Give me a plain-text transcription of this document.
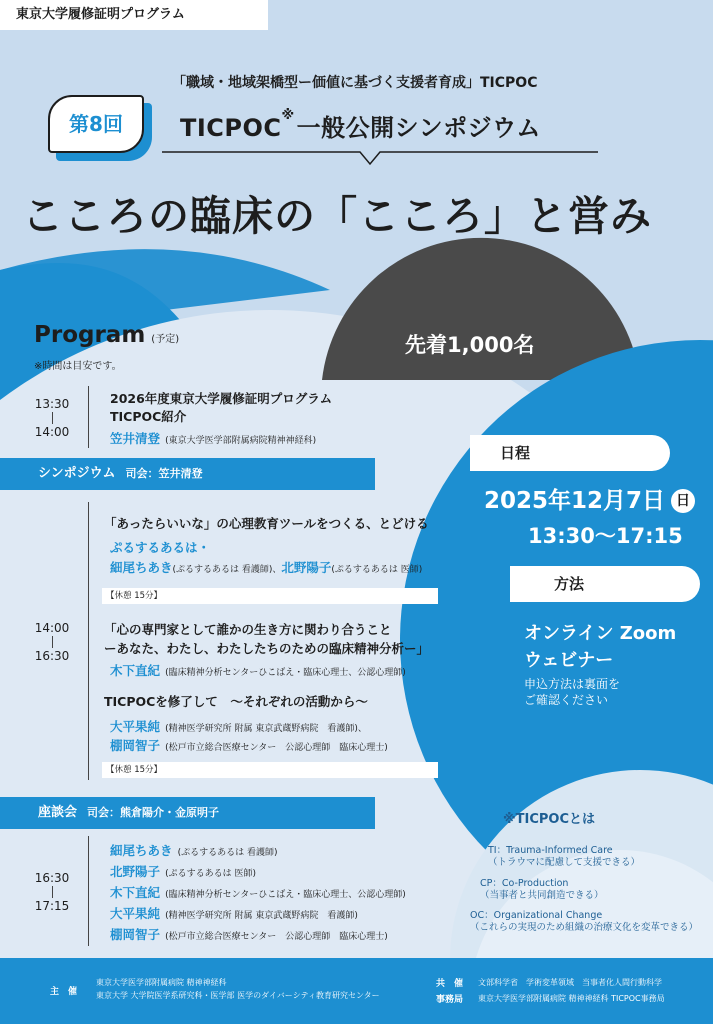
東京大学履修証明プログラム
「職域・地域架橋型ー価値に基づく支援者育成」TICPOC
第8回	TICPOC※一般公開シンポジウム
こころの臨床の「こころ」と営み
先着1,000名
Program (予定)
※時間は目安です。
13:30
14:00
2026年度東京大学履修証明プログラム
TICPOC紹介
笠井清登 (東京大学医学部附属病院精神神経科)
シンポジウム 司会：笠井清登
14:00
16:30
「あったらいいな」の心理教育ツールをつくる、とどける
ぷるするあるは・
細尾ちあき(ぷるするあるは 看護師)、北野陽子(ぷるするあるは 医師)
【休憩 15分】
「心の専門家として誰かの生き方に関わり合うこと
ーあなた、わたし、わたしたちのための臨床精神分析ー」
木下直紀 (臨床精神分析センターひこばえ・臨床心理士、公認心理師)
TICPOCを修了して　〜それぞれの活動から〜
大平果純 (精神医学研究所 附属 東京武蔵野病院　看護師)、
棚岡智子 (松戸市立総合医療センター　公認心理師　臨床心理士)
【休憩 15分】
座談会 司会：熊倉陽介・金原明子
16:30
17:15
細尾ちあき (ぷるするあるは 看護師)
北野陽子 (ぷるするあるは 医師)
木下直紀 (臨床精神分析センターひこばえ・臨床心理士、公認心理師)
大平果純 (精神医学研究所 附属 東京武蔵野病院　看護師)
棚岡智子 (松戸市立総合医療センター　公認心理師　臨床心理士)
日程
2025年12月7日 日
13:30〜17:15
方法
オンライン Zoom
ウェビナー
申込方法は裏面を
ご確認ください
※TICPOCとは
TI：Trauma-Informed Care
（トラウマに配慮して支援できる）
CP：Co-Production
（当事者と共同創造できる）
OC：Organizational Change
（これらの実現のため組織の治療文化を変革できる）
主　催
東京大学医学部附属病院 精神神経科
東京大学 大学院医学系研究科・医学部 医学のダイバーシティ教育研究センター
共　催 文部科学省　学術変革領域　当事者化人間行動科学
事務局 東京大学医学部附属病院 精神神経科 TICPOC事務局
